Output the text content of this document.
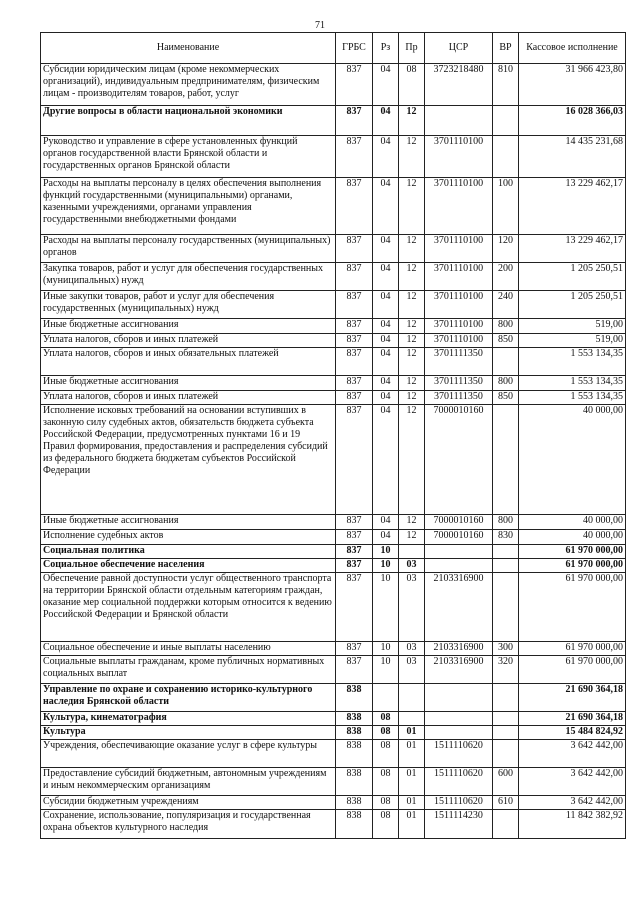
71
Наименование	ГРБС	Рз	Пр	ЦСР	ВР	Кассовое исполнение
Субсидии юридическим лицам (кроме некоммерческих организаций), индивидуальным предпринимателям, физическим лицам - производителям товаров, работ, услуг	837	04	08	3723218480	810	31 966 423,80
Другие вопросы в области национальной экономики	837	04	12			16 028 366,03
Руководство и управление в сфере установленных функций органов государственной власти Брянской области и государственных органов Брянской области	837	04	12	3701110100		14 435 231,68
Расходы на выплаты персоналу в целях обеспечения выполнения функций государственными (муниципальными) органами, казенными учреждениями, органами управления государственными внебюджетными фондами	837	04	12	3701110100	100	13 229 462,17
Расходы на выплаты персоналу государственных (муниципальных) органов	837	04	12	3701110100	120	13 229 462,17
Закупка товаров, работ и услуг для обеспечения государственных (муниципальных) нужд	837	04	12	3701110100	200	1 205 250,51
Иные закупки товаров, работ и услуг для обеспечения государственных (муниципальных) нужд	837	04	12	3701110100	240	1 205 250,51
Иные бюджетные ассигнования	837	04	12	3701110100	800	519,00
Уплата налогов, сборов и иных платежей	837	04	12	3701110100	850	519,00
Уплата налогов, сборов и иных обязательных платежей	837	04	12	3701111350		1 553 134,35
Иные бюджетные ассигнования	837	04	12	3701111350	800	1 553 134,35
Уплата налогов, сборов и иных платежей	837	04	12	3701111350	850	1 553 134,35
Исполнение исковых требований на основании вступивших в законную силу судебных актов, обязательств бюджета субъекта Российской Федерации, предусмотренных пунктами 16 и 19 Правил формирования, предоставления и распределения субсидий из федерального бюджета бюджетам субъектов Российской Федерации	837	04	12	7000010160		40 000,00
Иные бюджетные ассигнования	837	04	12	7000010160	800	40 000,00
Исполнение судебных актов	837	04	12	7000010160	830	40 000,00
Социальная политика	837	10				61 970 000,00
Социальное обеспечение населения	837	10	03			61 970 000,00
Обеспечение равной доступности услуг общественного транспорта на территории Брянской области отдельным категориям граждан, оказание мер социальной поддержки которым относится к ведению Российской Федерации и Брянской области	837	10	03	2103316900		61 970 000,00
Социальное обеспечение и иные выплаты населению	837	10	03	2103316900	300	61 970 000,00
Социальные выплаты гражданам, кроме публичных нормативных социальных выплат	837	10	03	2103316900	320	61 970 000,00
Управление по охране и сохранению историко-культурного наследия Брянской области	838					21 690 364,18
Культура, кинематография	838	08				21 690 364,18
Культура	838	08	01			15 484 824,92
Учреждения, обеспечивающие оказание услуг в сфере культуры	838	08	01	1511110620		3 642 442,00
Предоставление субсидий бюджетным, автономным учреждениям и иным некоммерческим организациям	838	08	01	1511110620	600	3 642 442,00
Субсидии бюджетным учреждениям	838	08	01	1511110620	610	3 642 442,00
Сохранение, использование, популяризация и государственная охрана объектов культурного наследия	838	08	01	1511114230		11 842 382,92
